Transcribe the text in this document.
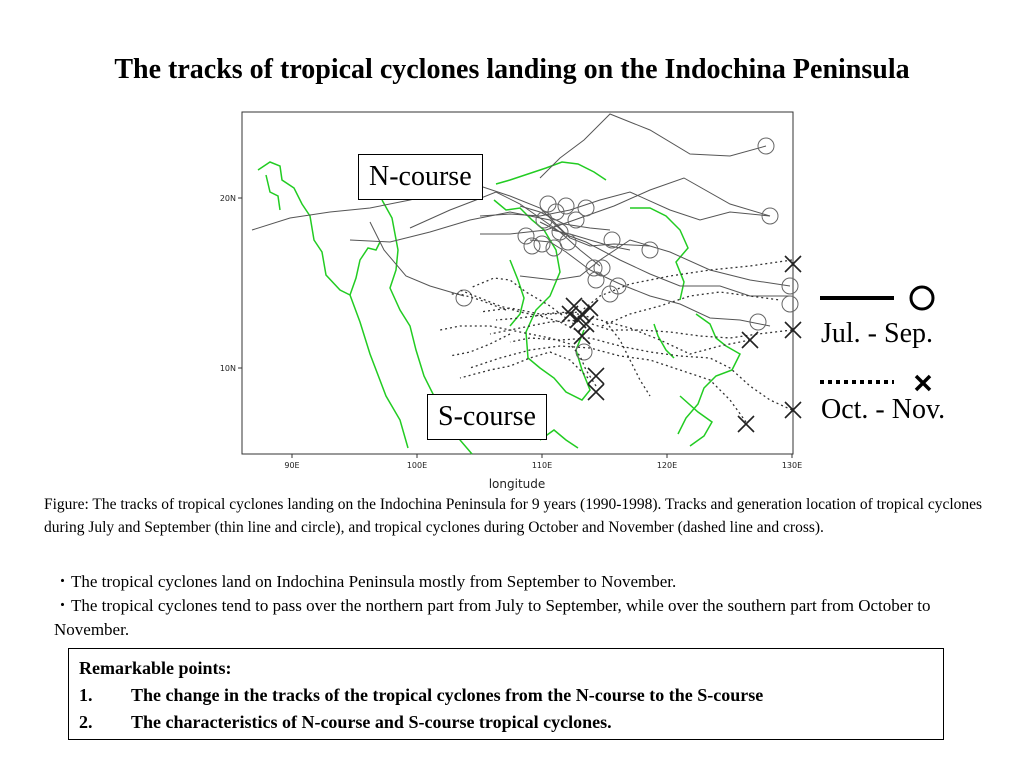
The tracks of tropical cyclones landing on the Indochina Peninsula
90E	100E	110E	120E	130E
20N
10N
longitude
N-course
S-course
Jul. - Sep.
Oct. - Nov.
Figure: The tracks of tropical cyclones landing on the Indochina Peninsula for 9 years (1990-1998). Tracks and generation location of tropical cyclones during July and September (thin line and circle), and tropical cyclones during October and November (dashed line and cross).
・The tropical cyclones land on Indochina Peninsula mostly from September to November.
・The tropical cyclones tend to pass over the northern part from July to September, while over the southern part from October to November.
Remarkable points:
1. The change in the tracks of the tropical cyclones from the N-course to the S-course
2. The characteristics of N-course and S-course tropical cyclones.
